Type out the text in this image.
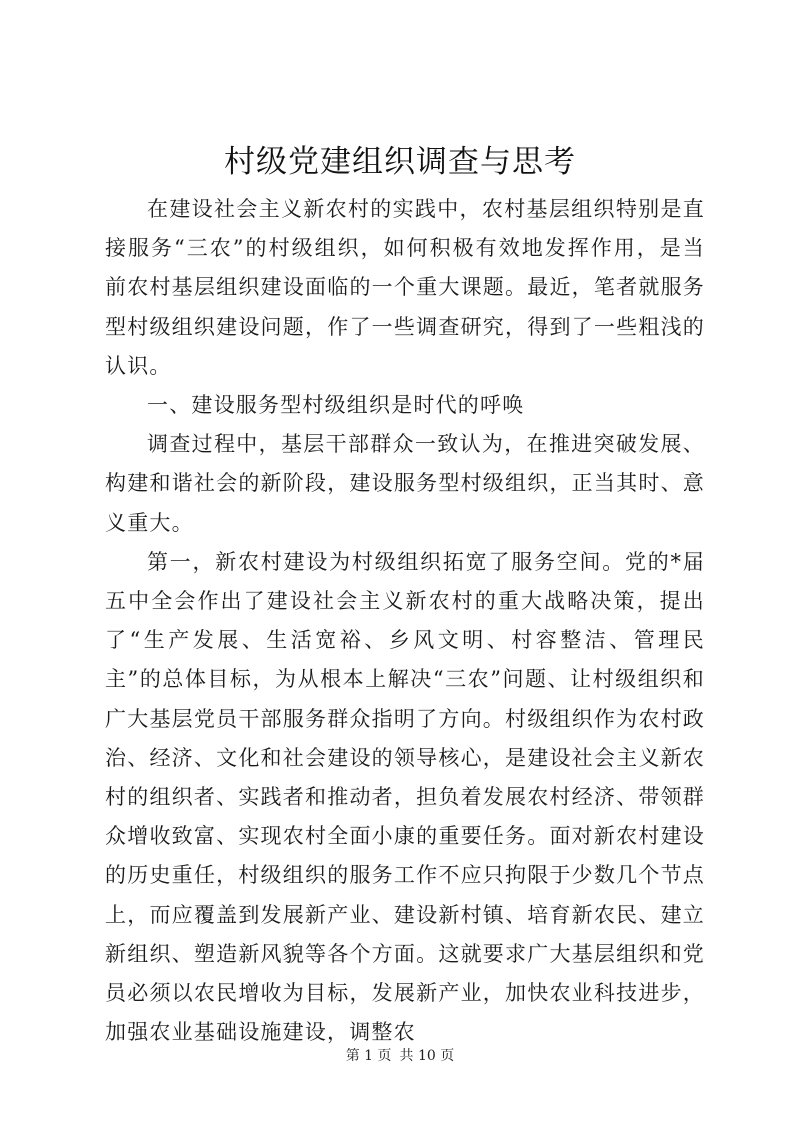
村级党建组织调查与思考

在建设社会主义新农村的实践中，农村基层组织特别是直接服务“三农”的村级组织，如何积极有效地发挥作用，是当前农村基层组织建设面临的一个重大课题。最近，笔者就服务型村级组织建设问题，作了一些调查研究，得到了一些粗浅的认识。

一、建设服务型村级组织是时代的呼唤

调查过程中，基层干部群众一致认为，在推进突破发展、构建和谐社会的新阶段，建设服务型村级组织，正当其时、意义重大。

第一，新农村建设为村级组织拓宽了服务空间。党的*届五中全会作出了建设社会主义新农村的重大战略决策，提出了“生产发展、生活宽裕、乡风文明、村容整洁、管理民主”的总体目标，为从根本上解决“三农”问题、让村级组织和广大基层党员干部服务群众指明了方向。村级组织作为农村政治、经济、文化和社会建设的领导核心，是建设社会主义新农村的组织者、实践者和推动者，担负着发展农村经济、带领群众增收致富、实现农村全面小康的重要任务。面对新农村建设的历史重任，村级组织的服务工作不应只拘限于少数几个节点上，而应覆盖到发展新产业、建设新村镇、培育新农民、建立新组织、塑造新风貌等各个方面。这就要求广大基层组织和党员必须以农民增收为目标，发展新产业，加快农业科技进步，加强农业基础设施建设，调整农

第 1 页 共 10 页
